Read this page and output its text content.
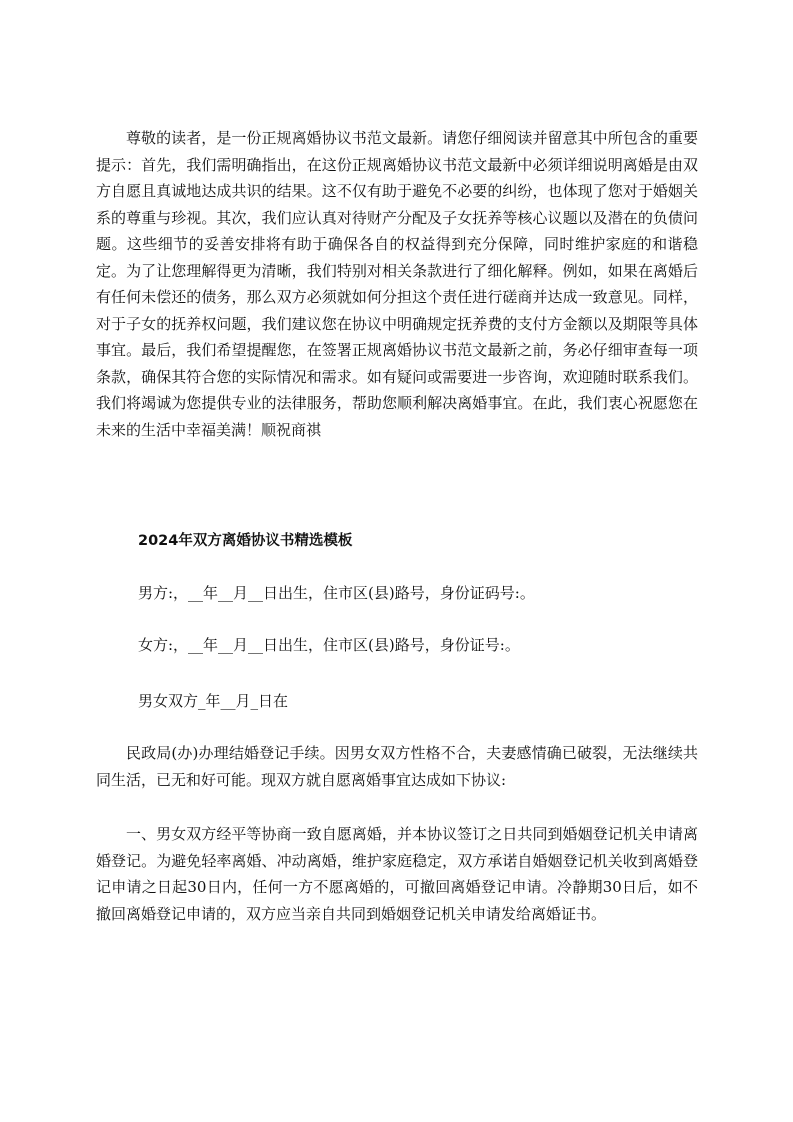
尊敬的读者，是一份正规离婚协议书范文最新。请您仔细阅读并留意其中所包含的重要提示：首先，我们需明确指出，在这份正规离婚协议书范文最新中必须详细说明离婚是由双方自愿且真诚地达成共识的结果。这不仅有助于避免不必要的纠纷，也体现了您对于婚姻关系的尊重与珍视。其次，我们应认真对待财产分配及子女抚养等核心议题以及潜在的负债问题。这些细节的妥善安排将有助于确保各自的权益得到充分保障，同时维护家庭的和谐稳定。为了让您理解得更为清晰，我们特别对相关条款进行了细化解释。例如，如果在离婚后有任何未偿还的债务，那么双方必须就如何分担这个责任进行磋商并达成一致意见。同样，对于子女的抚养权问题，我们建议您在协议中明确规定抚养费的支付方金额以及期限等具体事宜。最后，我们希望提醒您，在签署正规离婚协议书范文最新之前，务必仔细审查每一项条款，确保其符合您的实际情况和需求。如有疑问或需要进一步咨询，欢迎随时联系我们。我们将竭诚为您提供专业的法律服务，帮助您顺利解决离婚事宜。在此，我们衷心祝愿您在未来的生活中幸福美满！顺祝商祺

2024年双方离婚协议书精选模板

男方:，__年__月__日出生，住市区(县)路号，身份证码号:。

女方:，__年__月__日出生，住市区(县)路号，身份证号:。

男女双方_年__月_日在

民政局(办)办理结婚登记手续。因男女双方性格不合，夫妻感情确已破裂，无法继续共同生活，已无和好可能。现双方就自愿离婚事宜达成如下协议:

一、男女双方经平等协商一致自愿离婚，并本协议签订之日共同到婚姻登记机关申请离婚登记。为避免轻率离婚、冲动离婚，维护家庭稳定，双方承诺自婚姻登记机关收到离婚登记申请之日起30日内，任何一方不愿离婚的，可撤回离婚登记申请。冷静期30日后，如不撤回离婚登记申请的，双方应当亲自共同到婚姻登记机关申请发给离婚证书。
